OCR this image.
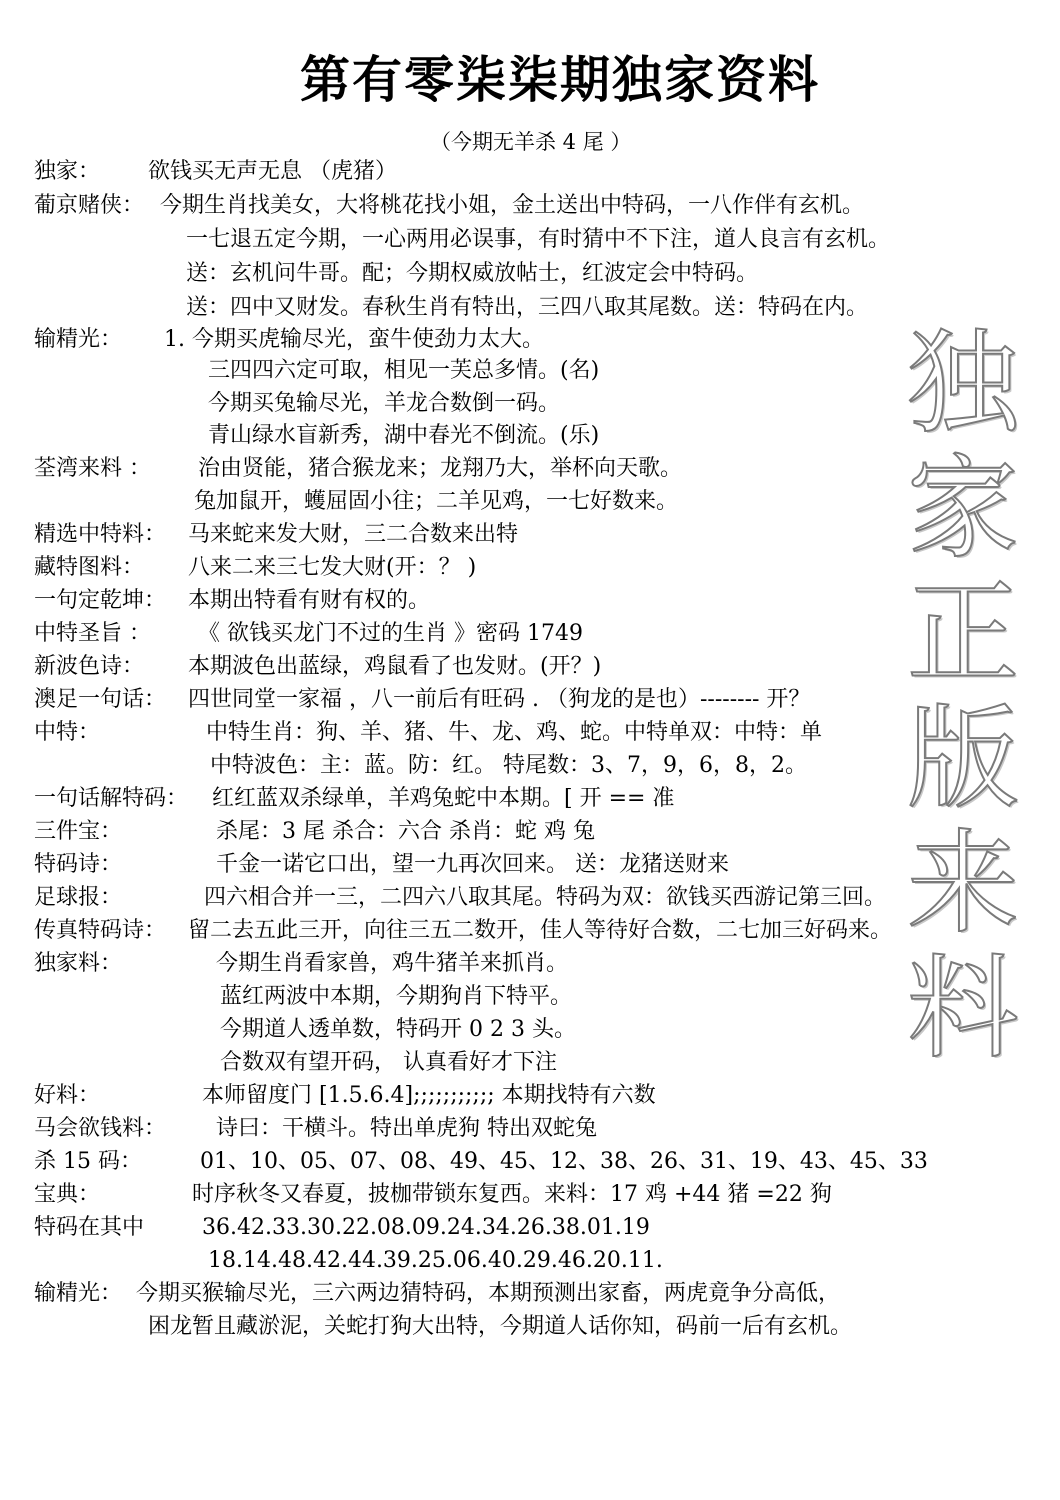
第有零柒柒期独家资料
（今期无羊杀 4 尾 ）
独
家
正
版
来
料
独家： 欲钱买无声无息 （虎猪）
葡京赌侠： 今期生肖找美女，大将桃花找小姐，金土送出中特码，一八作伴有玄机。
一七退五定今期，一心两用必误事，有时猜中不下注，道人良言有玄机。
送：玄机问牛哥。配；今期权威放帖士，红波定会中特码。
送：四中又财发。春秋生肖有特出，三四八取其尾数。送：特码在内。
输精光： 1. 今期买虎输尽光，蛮牛使劲力太大。
三四四六定可取，相见一芙总多情。(名)
今期买兔输尽光，羊龙合数倒一码。
青山绿水盲新秀，湖中春光不倒流。(乐)
荃湾来料 ： 治由贤能，猪合猴龙来；龙翔乃大，举杯向天歌。
兔加鼠开，蠖屈固小往；二羊见鸡，一七好数来。
精选中特料： 马来蛇来发大财，三二合数来出特
藏特图料： 八来二来三七发大财(开：？ )
一句定乾坤： 本期出特看有财有权的。
中特圣旨 ： 《 欲钱买龙门不过的生肖 》密码 1749
新波色诗： 本期波色出蓝绿，鸡鼠看了也发财。(开？)
澳足一句话： 四世同堂一家福 ，八一前后有旺码 . （狗龙的是也）-------- 开？
中特：	中特生肖：狗、羊、猪、牛、龙、鸡、蛇。中特单双：中特：单
中特波色：主：蓝。防：红。 特尾数：3、7，9，6，8，2。
一句话解特码： 红红蓝双杀绿单，羊鸡兔蛇中本期。[ 开 == 准
三件宝：	杀尾：3 尾 杀合：六合 杀肖：蛇 鸡 兔
特码诗：	千金一诺它口出，望一九再次回来。 送：龙猪送财来
足球报：	四六相合并一三，二四六八取其尾。特码为双：欲钱买西游记第三回。
传真特码诗： 留二去五此三开，向往三五二数开，佳人等待好合数，二七加三好码来。
独家料：	今期生肖看家兽，鸡牛猪羊来抓肖。
蓝红两波中本期，今期狗肖下特平。
今期道人透单数，特码开 0 2 3 头。
合数双有望开码， 认真看好才下注
好料：	本师留度门 [1.5.6.4];;;;;;;;;;; 本期找特有六数
马会欲钱料： 诗曰：干横斗。特出单虎狗 特出双蛇兔
杀 15 码：	01、10、05、07、08、49、45、12、38、26、31、19、43、45、33
宝典：	时序秋冬又春夏，披枷带锁东复西。来料：17 鸡 +44 猪 =22 狗
特码在其中	36.42.33.30.22.08.09.24.34.26.38.01.19
18.14.48.42.44.39.25.06.40.29.46.20.11.
输精光： 今期买猴输尽光，三六两边猜特码，本期预测出家畜，两虎竟争分高低，
困龙暂且藏淤泥，关蛇打狗大出特，今期道人话你知，码前一后有玄机。
